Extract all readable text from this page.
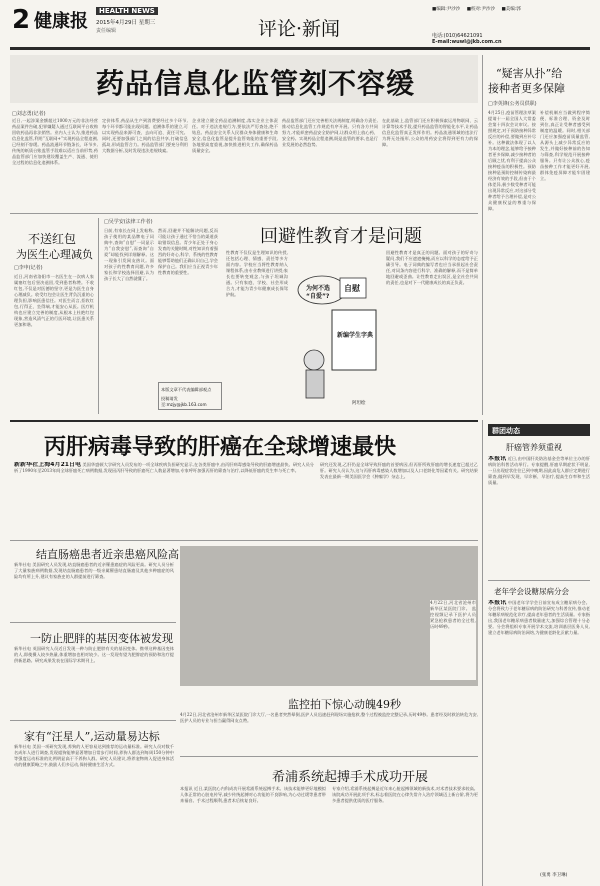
2 健康报	HEALTH NEWS
2015年4月29日 星期三
责任编辑	评论·新闻
■编辑:尹沙沙 ■校对:尹沙沙 ■美编:郭
电话:(010)64621091
E-mail:wuwl@jkb.com.cn
药品信息化监管刻不容缓
□刘志勇(记者)
近日,一起涉案金额超过1000万元的非法经营药品案件告破,犯罪嫌疑人通过互联网平台收购回收药品再非法销售。业内人士认为,推进药品信息化监管,利用“互联网+”实现药品全程追溯,已经刻不容缓。药品流通环节链条长、环节多,传统的纸质台账监管手段难以适应当前形势,药品监管部门应加快建设覆盖生产、流通、使用全过程的信息化追溯体系。
定价体系,药品从生产到消费要经过多个环节,每个环节都可能出现问题。追溯体系的建立,可以实现药品来源可查、去向可追、责任可究。同时,还要加强部门之间的信息共享,打破信息孤岛,形成监管合力。药品监管部门要充分利用大数据分析,及时发现违法违规线索。
企业建立健全药品追溯制度,落实企业主体责任。对于违法违规行为,要依法严厉查处,绝不姑息。药品安全关系人民群众身体健康和生命安全,信息化监管是提升监管效能的重要手段,各地要高度重视,加快推进相关工作,确保药品质量安全。
药品监管部门还应完善相关法规制度,明确各方责任,推动信息化监管工作规范有序开展。只有各方共同努力,才能织密药品安全防护网,让群众用上放心药、安全药。实现药品全程追溯,既是监管的要求,也是行业发展的必然趋势。
在此基础上,监管部门还应积极探索运用物联网、云计算等技术手段,提升药品监管的智能化水平,让药品信息化监管真正发挥作用。药品流通领域的违法行为将无处遁形,公众的用药安全将得到更有力的保障。
“疑害从扑”给
接种者更多保障
□李英锋(公务员供职)
4月25日,疫苗管理法草案提请十一届全国人大常委会第十四次会议审议。按照规定,对于预防接种异常反应的补偿,要做到应补尽补。这种做法体现了以人为本的理念,能够给予接种者更多保障,减少接种者的后顾之忧,有利于提高公众接种疫苗的积极性。预防接种是预防控制传染病最经济有效的手段,但由于个体差异,极少数受种者可能出现异常反应,对这部分受种者给予合理补偿,是对公众健康权益的尊重与保障。
补偿机制应当做到程序简便、标准合理、资金及时到位,真正让受种者感受到制度的温暖。同时,相关部门还应加强疫苗质量监管,从源头上减少异常反应的发生,并做好接种前的告知与筛查,科学规范开展接种服务。只有让公众放心,疫苗接种工作才能更好开展,群体免疫屏障才能牢固建立。
不送红包
为医生心理减负
□李申(记者)
近日,河南省洛阳市一名医生在一次病人家属塞红包后坚决退回,受到患者称赞。不收红包,不仅是对医德的坚守,更是为医生自身心理减负。收受红包会让医生背负沉重的心理负担,影响医患信任。对医生而言,拒收红包,行得正、坐得端,才能安心从医。医疗机构也应建立完善的制度,从根本上杜绝红包现象,营造风清气正的行医环境,让医患关系更加和谐。
□吴学安(法律工作者)
日前,有家长在网上发帖称,孩子使用的某品牌电子词典中,查询“自慰”一词显示为“自我安慰”,而查询“自爱”却能找到详细解释。这一现象引发网友热议。面对孩子的性教育问题,许多家长和学校选择回避,认为孩子长大了自然就懂了。
然而,回避并不能解决问题,反而可能让孩子通过不恰当的渠道获取错误信息。青少年正处于身心发育的关键时期,对性知识有着强烈的好奇心,科学、系统的性教育能够帮助他们正确认识自己,学会保护自己。我们应当正视青少年性教育的重要性。
本版文章不代表编辑部观点
投稿请发至:mzjy@jkb.163.com
回避性教育才是问题
性教育不仅仅是生理知识的传授,还包括心理、情感、责任等多方面内容。学校应当将性教育纳入课程体系,由专业教师进行讲授;家长也要转变观念,与孩子坦诚沟通。只有家庭、学校、社会形成合力,才能为青少年健康成长保驾护航。
为何不选
“自爱”?
自慰
新编学生字典
阿坦绘
回避性教育才是真正的问题。面对孩子的好奇与疑问,我们不应遮遮掩掩,而应以科学的态度给予正确引导。电子词典的编写者也应当承担起社会责任,对词条内容进行科学、准确的解释,而不是简单地回避或歪曲。让性教育走出误区,是全社会共同的责任,也是对下一代健康成长的真正负责。
丙肝病毒导致的肝癌在全球增速最快
新新华社上海4月21日电 美国华盛顿大学研究人员发布的一项全球疾病负担研究显示,在各类肝癌中,由丙肝病毒感染导致的肝癌增速最快。研究人员分析了1990年至2013年间全球肝癌死亡病例数据,发现因丙肝导致的肝癌死亡人数显著增加,专家呼吁加强丙肝的筛查与治疗,以降低肝癌的发生率与死亡率。
研究还发现,乙肝仍是全球导致肝癌的首要病因,但丙肝所致肝癌的增长速度已超过乙肝。研究人员认为,这与丙肝病毒感染人数增加以及人口老龄化等因素有关。研究结果发表在最新一期美国医学会《肿瘤学》杂志上。
结直肠癌患者近亲患癌风险高
新华社电 美国研究人员发现,结直肠癌患者的近亲罹患癌症的风险更高。研究人员分析了大量家族病例数据,发现结直肠癌患者的一级亲属罹患结直肠癌及其他多种癌症的风险均有所上升,建议有家族史的人群提前进行筛查。
4月22日,河北省沧州市新华区某医院门诊。 监控视频记录下医护人员紧急抢救患者的全过程,历时49秒。
一防止肥胖的基因变体被发现
新华社电 英国研究人员近日发现一种与防止肥胖有关的基因变体。携带这种基因变体的人,即使摄入较多热量,体重增加也相对较少。这一发现有望为肥胖症的预防和治疗提供新思路。研究成果发表在国际学术期刊上。
监控拍下惊心动魄49秒
4月22日,河北省沧州市新华区某医院门诊大厅,一名患者突然晕倒,医护人员迅速赶到现场实施抢救,整个过程被监控完整记录,历时49秒。患者经及时救治转危为安,医护人员的专业与担当赢得网友点赞。
家有“汪星人”,运动量易达标
新华社电 美国一项研究发现,养狗的人更容易达到推荐的运动量标准。研究人员对数千名成年人进行调查,发现遛狗能够显著增加日常步行时间,养狗人群达到每周150分钟中等强度运动标准的比例明显高于不养狗人群。研究人员建议,将养宠物纳入促进身体活动的健康策略之中,鼓励人们多运动,保持健康生活方式。
希浦系统起搏手术成功开展
本报讯 近日,某医院心内科成功开展希浦系统起搏手术。该技术能够更好地模拟人体正常的心脏电传导,减少传统起搏对心功能的不良影响,为心动过缓等患者带来福音。手术过程顺利,患者术后恢复良好。
专家介绍,希浦系统起搏是近年来心脏起搏领域的新技术,对术者技术要求较高。该院成功开展此项手术,标志着医院在心律失常介入治疗领域迈上新台阶,将为更多患者提供优质的医疗服务。
群团动态
肝癌管养须重视
本报讯 近日,由中国肝炎防治基金会等单位主办的肝病防治科普活动举行。专家提醒,肝癌早期症状不明显,一旦出现症状往往已到中晚期,因此高危人群应定期进行筛查,做到早发现、早诊断、早治疗,提高生存率和生活质量。
老年学会设糖尿病分会
本报讯 中国老年学学会日前宣布成立糖尿病分会。分会将致力于老年糖尿病的防治研究与科普宣传,推动老年糖尿病规范化诊疗,提高老年患者的生活质量。专家指出,我国老年糖尿病患者数量庞大,加强综合管理十分必要。分会将组织专家开展学术交流,培训基层医务人员,建立老年糖尿病防治网络,为健康老龄化贡献力量。
(张勇 李卫琳)
